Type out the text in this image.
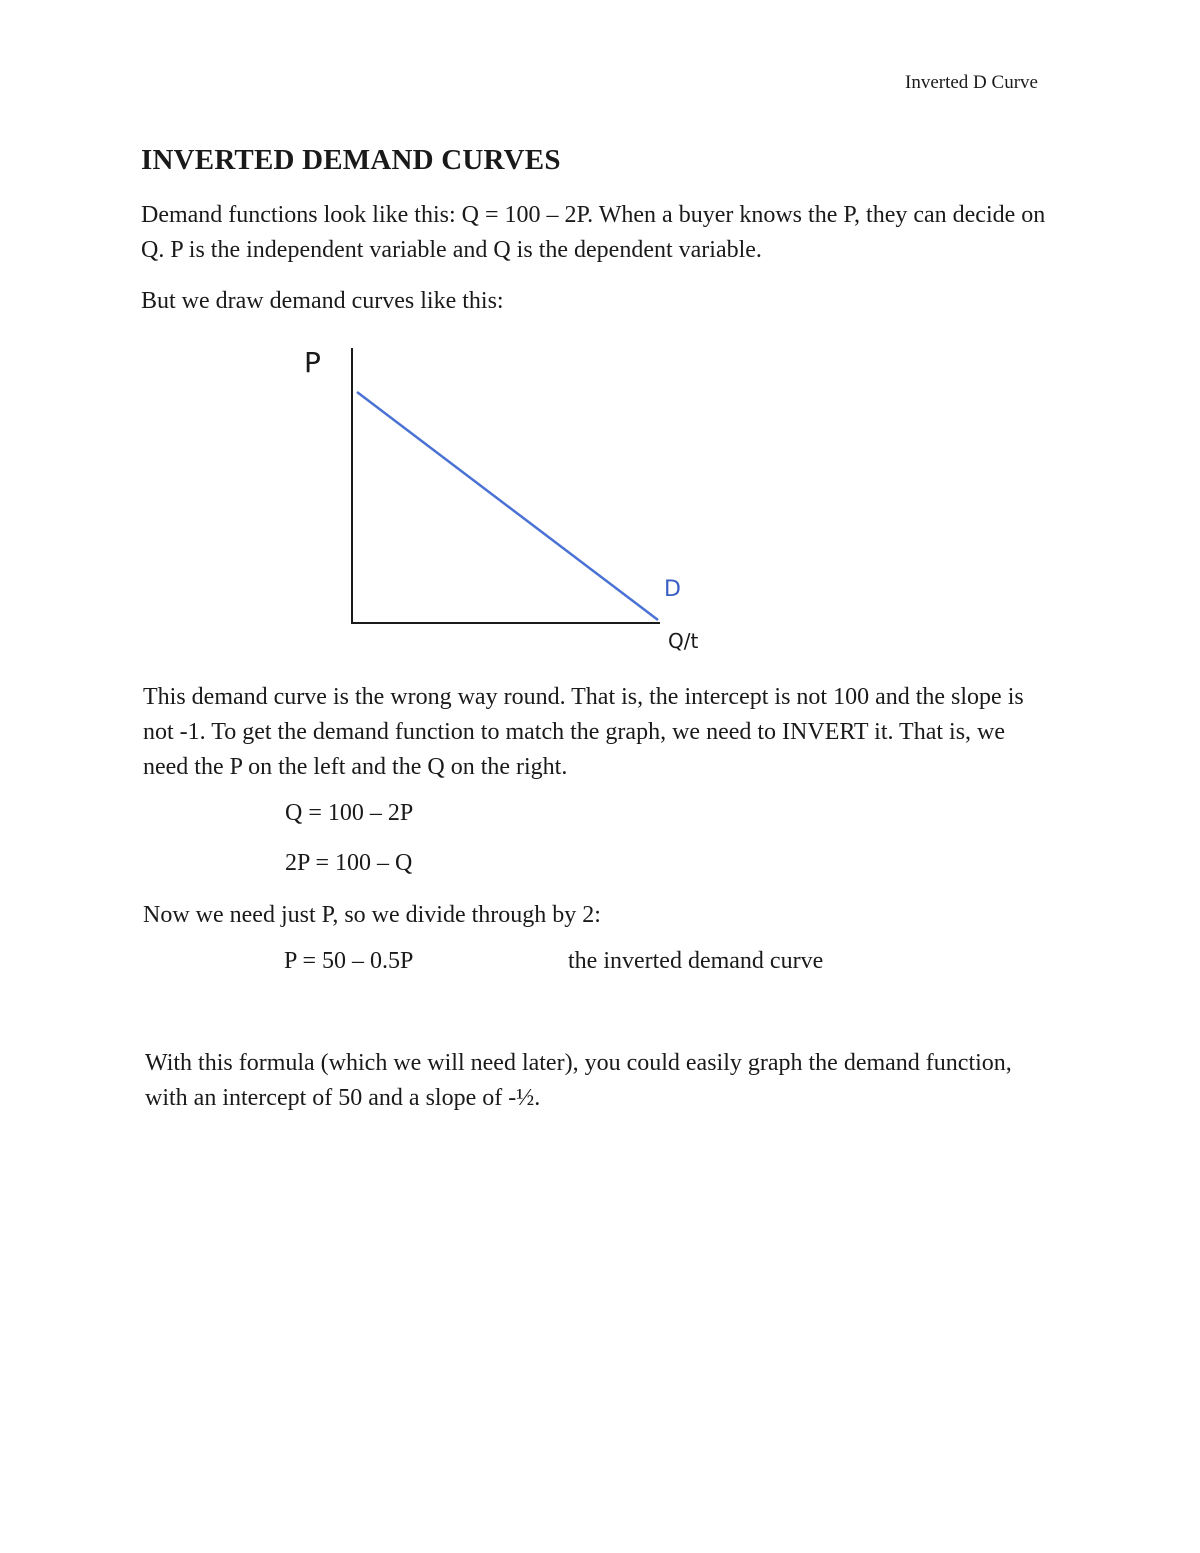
Inverted D Curve
INVERTED DEMAND CURVES
Demand functions look like this: Q = 100 – 2P. When a buyer knows the P, they can decide on Q. P is the independent variable and Q is the dependent variable.
But we draw demand curves like this:
P
D
Q/t
This demand curve is the wrong way round. That is, the intercept is not 100 and the slope is not -1. To get the demand function to match the graph, we need to INVERT it. That is, we need the P on the left and the Q on the right.
Q = 100 – 2P
2P = 100 – Q
Now we need just P, so we divide through by 2:
P = 50 – 0.5P	the inverted demand curve
With this formula (which we will need later), you could easily graph the demand function, with an intercept of 50 and a slope of -½.
